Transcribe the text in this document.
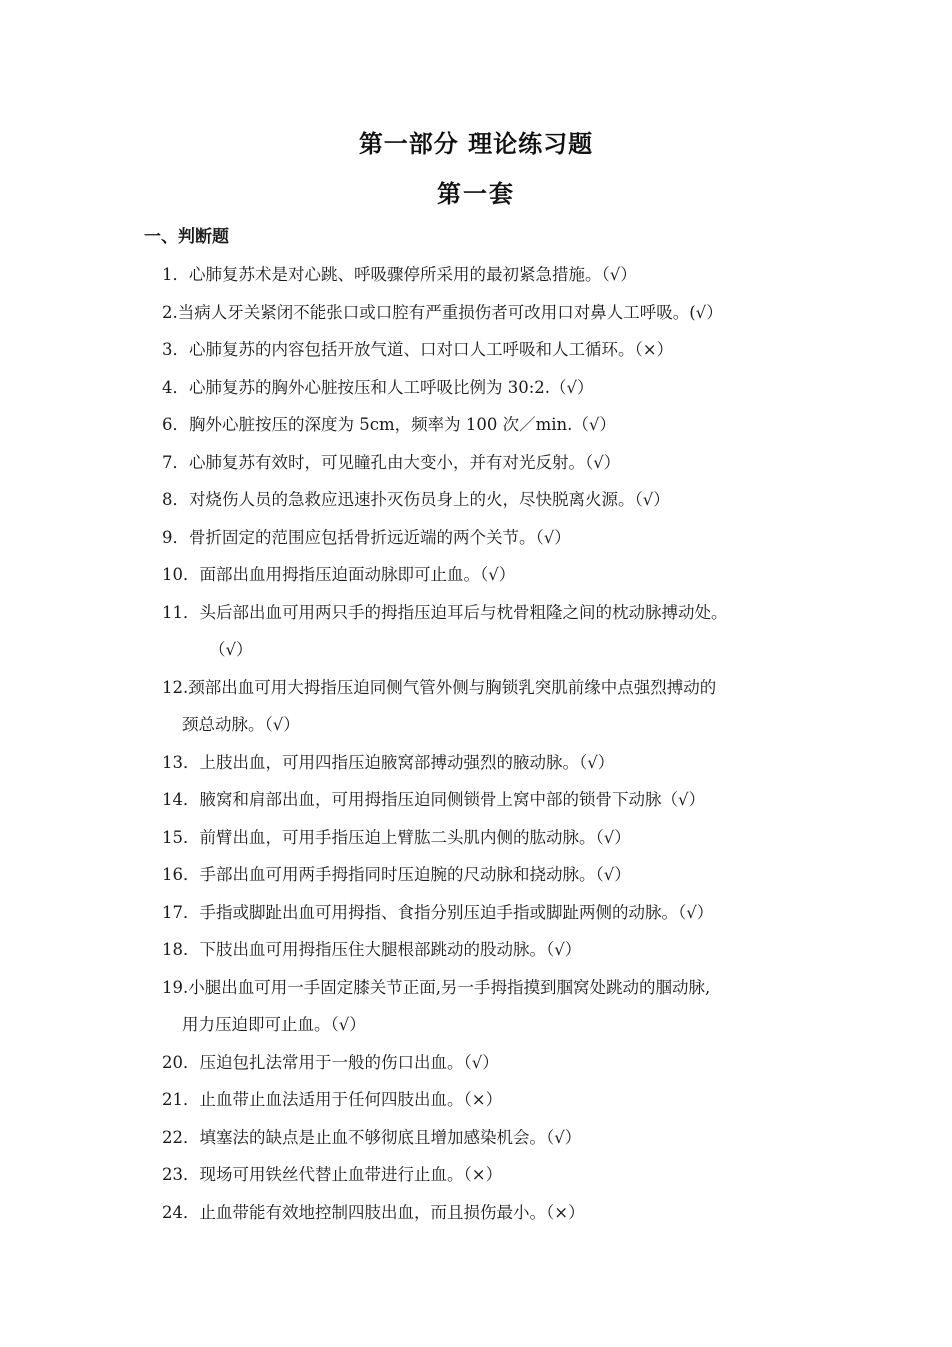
第一部分 理论练习题
第一套
一、判断题
1．心肺复苏术是对心跳、呼吸骤停所采用的最初紧急措施。（√）
2.当病人牙关紧闭不能张口或口腔有严重损伤者可改用口对鼻人工呼吸。(√）
3．心肺复苏的内容包括开放气道、口对口人工呼吸和人工循环。（×）
4．心肺复苏的胸外心脏按压和人工呼吸比例为 30:2.（√）
6．胸外心脏按压的深度为 5cm，频率为 100 次／min.（√）
7．心肺复苏有效时，可见瞳孔由大变小，并有对光反射。（√）
8．对烧伤人员的急救应迅速扑灭伤员身上的火，尽快脱离火源。（√）
9．骨折固定的范围应包括骨折远近端的两个关节。（√）
10．面部出血用拇指压迫面动脉即可止血。（√）
11．头后部出血可用两只手的拇指压迫耳后与枕骨粗隆之间的枕动脉搏动处。
（√）
12.颈部出血可用大拇指压迫同侧气管外侧与胸锁乳突肌前缘中点强烈搏动的
颈总动脉。（√）
13．上肢出血，可用四指压迫腋窝部搏动强烈的腋动脉。（√）
14．腋窝和肩部出血，可用拇指压迫同侧锁骨上窝中部的锁骨下动脉（√）
15．前臂出血，可用手指压迫上臂肱二头肌内侧的肱动脉。（√）
16．手部出血可用两手拇指同时压迫腕的尺动脉和挠动脉。（√）
17．手指或脚趾出血可用拇指、食指分别压迫手指或脚趾两侧的动脉。（√）
18．下肢出血可用拇指压住大腿根部跳动的股动脉。（√）
19.小腿出血可用一手固定膝关节正面,另一手拇指摸到腘窝处跳动的腘动脉,
用力压迫即可止血。（√）
20．压迫包扎法常用于一般的伤口出血。（√）
21．止血带止血法适用于任何四肢出血。（×）
22．填塞法的缺点是止血不够彻底且增加感染机会。（√）
23．现场可用铁丝代替止血带进行止血。（×）
24．止血带能有效地控制四肢出血，而且损伤最小。（×）
